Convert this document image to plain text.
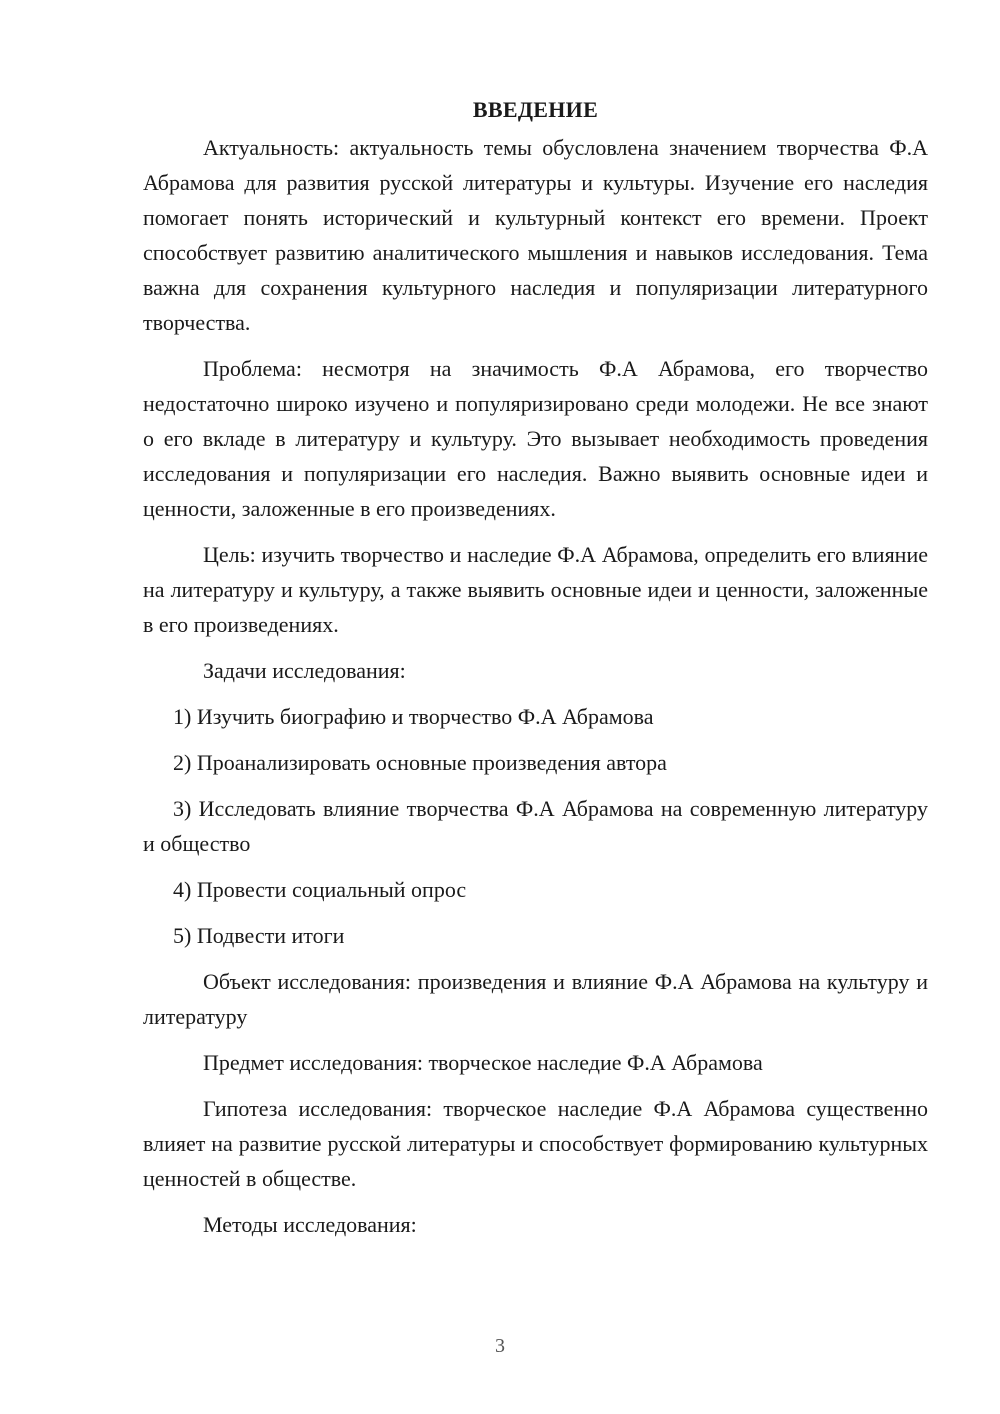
ВВЕДЕНИЕ

Актуальность: актуальность темы обусловлена значением творчества Ф.А Абрамова для развития русской литературы и культуры. Изучение его наследия помогает понять исторический и культурный контекст его времени. Проект способствует развитию аналитического мышления и навыков исследования. Тема важна для сохранения культурного наследия и популяризации литературного творчества.

Проблема: несмотря на значимость Ф.А Абрамова, его творчество недостаточно широко изучено и популяризировано среди молодежи. Не все знают о его вкладе в литературу и культуру. Это вызывает необходимость проведения исследования и популяризации его наследия. Важно выявить основные идеи и ценности, заложенные в его произведениях.

Цель: изучить творчество и наследие Ф.А Абрамова, определить его влияние на литературу и культуру, а также выявить основные идеи и ценности, заложенные в его произведениях.

Задачи исследования:

1) Изучить биографию и творчество Ф.А Абрамова

2) Проанализировать основные произведения автора

3) Исследовать влияние творчества Ф.А Абрамова на современную литературу и общество

4) Провести социальный опрос

5) Подвести итоги

Объект исследования: произведения и влияние Ф.А Абрамова на культуру и литературу

Предмет исследования: творческое наследие Ф.А Абрамова

Гипотеза исследования: творческое наследие Ф.А Абрамова существенно влияет на развитие русской литературы и способствует формированию культурных ценностей в обществе.

Методы исследования:

3
